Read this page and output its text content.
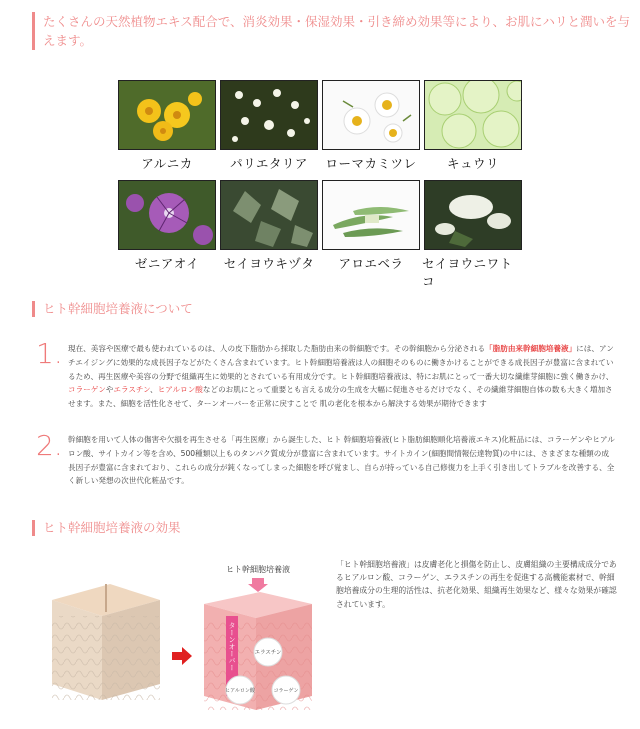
たくさんの天然植物エキス配合で、消炎効果・保湿効果・引き締め効果等により、お肌にハリと潤いを与えます。
アルニカ	パリエタリア ローマカミツレ キュウリ
ゼニアオイ セイヨウキヅタ アロエベラ セイヨウニワトコ
ヒト幹細胞培養液について
1. 現在、美容や医療で最も使われているのは、人の皮下脂肪から採取した脂肪由来の幹細胞です。その幹細胞から分泌される「脂肪由来幹細胞培養液」には、アンチエイジングに効果的な成長因子などがたくさん含まれています。ヒト幹細胞培養液は人の細胞そのものに働きかけることができる成長因子が豊富に含まれているため、再生医療や美容の分野で組織再生に効果的とされている有用成分です。ヒト幹細胞培養液は、特にお肌にとって一番大切な繊維芽細胞に強く働きかけ、コラーゲンやエラスチン、ヒアルロン酸などのお肌にとって重要とも言える成分の生成を大幅に促進させるだけでなく、その繊維芽細胞自体の数も大きく増加させます。また、細胞を活性化させて、ターンオーバーを正常に戻すことで 肌の老化を根本から解決する効果が期待できます
2. 幹細胞を用いて人体の傷害や欠損を再生させる「再生医療」から誕生した、ヒト 幹細胞培養液(ヒト脂肪細胞順化培養液エキス)化粧品には、コラーゲンやヒアルロン酸、サイトカイン等を含め、500種類以上ものタンパク質成分が豊富に含まれています。サイトカイン(細胞間情報伝達物質)の中には、さまざまな種類の成長因子が豊富に含まれており、これらの成分が鈍くなってしまった細胞を呼び覚まし、自らが持っている自己修復力を上手く引き出してトラブルを改善する、全く新しい発想の次世代化粧品です。
ヒト幹細胞培養液の効果
ヒト幹細胞培養液
ターンオーバー	エラスチン
ヒアルロン酸	コラーゲン
「ヒト幹細胞培養液」は皮膚老化と損傷を防止し、皮膚組織の主要構成成分であるヒアルロン酸、コラーゲン、エラスチンの再生を促進する高機能素材で、幹細胞培養成分の生理的活性は、抗老化効果、組織再生効果など、様々な効果が確認されています。
